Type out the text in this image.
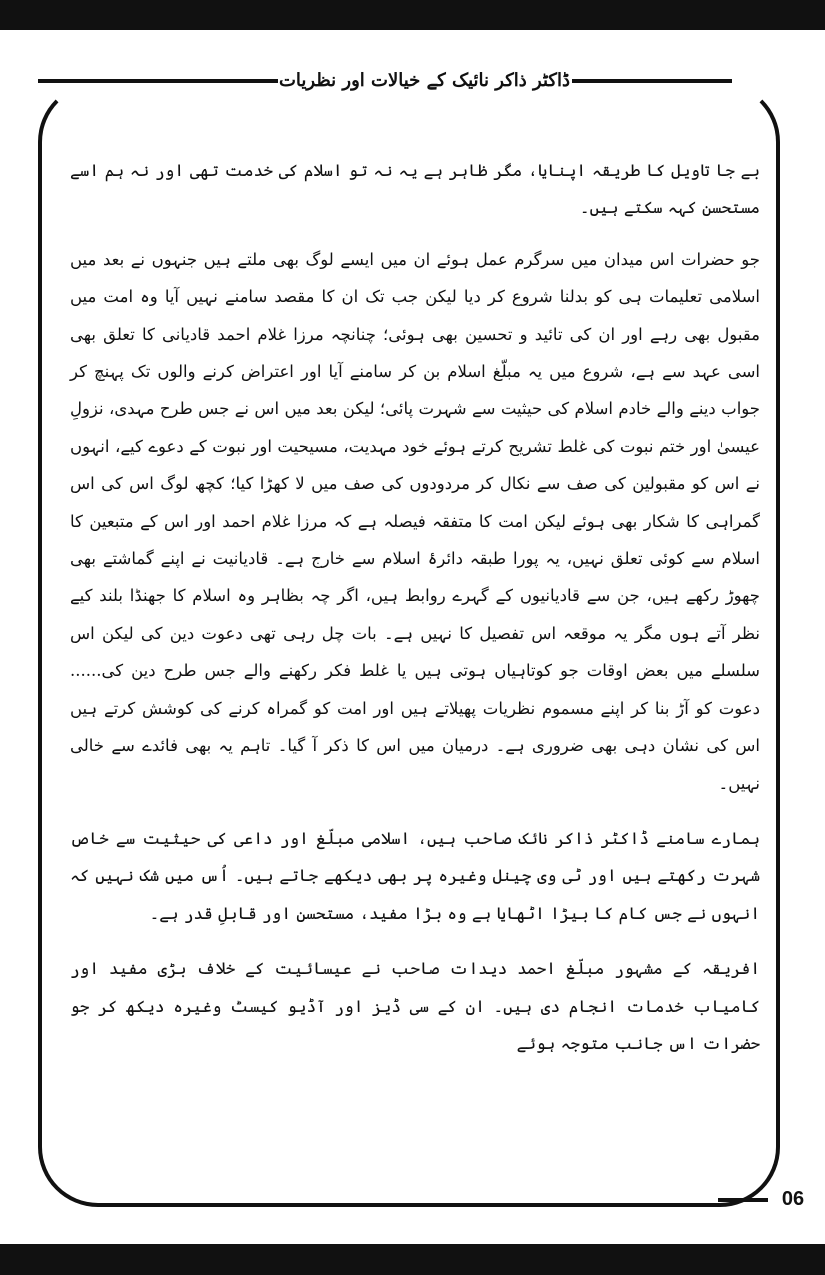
ڈاکٹر ذاکر نائیک کے خیالات اور نظریات

بے جا تاویل کا طریقہ اپنایا، مگر ظاہر ہے یہ نہ تو اسلام کی خدمت تھی اور نہ ہم اسے مستحسن کہہ سکتے ہیں۔

جو حضرات اس میدان میں سرگرم عمل ہوئے ان میں ایسے لوگ بھی ملتے ہیں جنہوں نے بعد میں اسلامی تعلیمات ہی کو بدلنا شروع کر دیا لیکن جب تک ان کا مقصد سامنے نہیں آیا وہ امت میں مقبول بھی رہے اور ان کی تائید و تحسین بھی ہوئی؛ چنانچہ مرزا غلام احمد قادیانی کا تعلق بھی اسی عہد سے ہے، شروع میں یہ مبلّغ اسلام بن کر سامنے آیا اور اعتراض کرنے والوں تک پہنچ کر جواب دینے والے خادم اسلام کی حیثیت سے شہرت پائی؛ لیکن بعد میں اس نے جس طرح مہدی، نزولِ عیسیٰ اور ختم نبوت کی غلط تشریح کرتے ہوئے خود مہدیت، مسیحیت اور نبوت کے دعوے کیے، انہوں نے اس کو مقبولین کی صف سے نکال کر مردودوں کی صف میں لا کھڑا کیا؛ کچھ لوگ اس کی اس گمراہی کا شکار بھی ہوئے لیکن امت کا متفقہ فیصلہ ہے کہ مرزا غلام احمد اور اس کے متبعین کا اسلام سے کوئی تعلق نہیں، یہ پورا طبقہ دائرۂ اسلام سے خارج ہے۔ قادیانیت نے اپنے گماشتے بھی چھوڑ رکھے ہیں، جن سے قادیانیوں کے گہرے روابط ہیں، اگر چہ بظاہر وہ اسلام کا جھنڈا بلند کیے نظر آتے ہوں مگر یہ موقعہ اس تفصیل کا نہیں ہے۔ بات چل رہی تھی دعوت دین کی لیکن اس سلسلے میں بعض اوقات جو کوتاہیاں ہوتی ہیں یا غلط فکر رکھنے والے جس طرح دین کی...... دعوت کو آڑ بنا کر اپنے مسموم نظریات پھیلاتے ہیں اور امت کو گمراہ کرنے کی کوشش کرتے ہیں اس کی نشان دہی بھی ضروری ہے۔ درمیان میں اس کا ذکر آ گیا۔ تاہم یہ بھی فائدے سے خالی نہیں۔

ہمارے سامنے ڈاکٹر ذاکر نائک صاحب ہیں، اسلامی مبلّغ اور داعی کی حیثیت سے خاص شہرت رکھتے ہیں اور ٹی وی چینل وغیرہ پر بھی دیکھے جاتے ہیں۔ اُس میں شک نہیں کہ انہوں نے جس کام کا بیڑا اٹھایا ہے وہ بڑا مفید، مستحسن اور قابلِ قدر ہے۔

افریقہ کے مشہور مبلّغ احمد دیدات صاحب نے عیسائیت کے خلاف بڑی مفید اور کامیاب خدمات انجام دی ہیں۔ ان کے سی ڈیز اور آڈیو کیسٹ وغیرہ دیکھ کر جو حضرات اس جانب متوجہ ہوئے

06
